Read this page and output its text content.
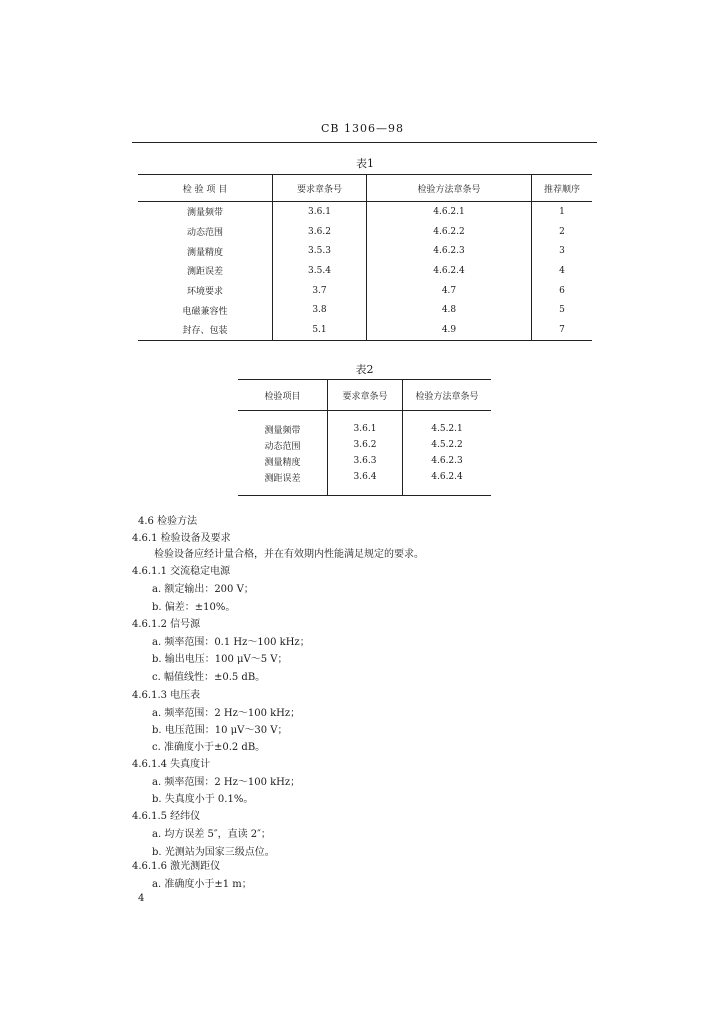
CB 1306—98
表1
检 验 项 目	要求章条号	检验方法章条号	推荐顺序
测量频带	3.6.1	4.6.2.1	1
动态范围	3.6.2	4.6.2.2	2
测量精度	3.5.3	4.6.2.3	3
测距误差	3.5.4	4.6.2.4	4
环境要求	3.7	4.7	6
电磁兼容性	3.8	4.8	5
封存、包装	5.1	4.9	7
表2
检验项目	要求章条号	检验方法章条号
测量频带	3.6.1	4.5.2.1
动态范围	3.6.2	4.5.2.2
测量精度	3.6.3	4.6.2.3
测距误差	3.6.4	4.6.2.4
4.6 检验方法
4.6.1 检验设备及要求
检验设备应经计量合格，并在有效期内性能满足规定的要求。
4.6.1.1 交流稳定电源
a. 额定输出：200 V；
b. 偏差：±10%。
4.6.1.2 信号源
a. 频率范围：0.1 Hz～100 kHz；
b. 输出电压：100 μV～5 V；
c. 幅值线性：±0.5 dB。
4.6.1.3 电压表
a. 频率范围：2 Hz～100 kHz；
b. 电压范围：10 μV～30 V；
c. 准确度小于±0.2 dB。
4.6.1.4 失真度计
a. 频率范围：2 Hz～100 kHz；
b. 失真度小于 0.1%。
4.6.1.5 经纬仪
a. 均方误差 5″，直读 2″；
b. 光测站为国家三级点位。
4.6.1.6 激光测距仪
a. 准确度小于±1 m；
4
